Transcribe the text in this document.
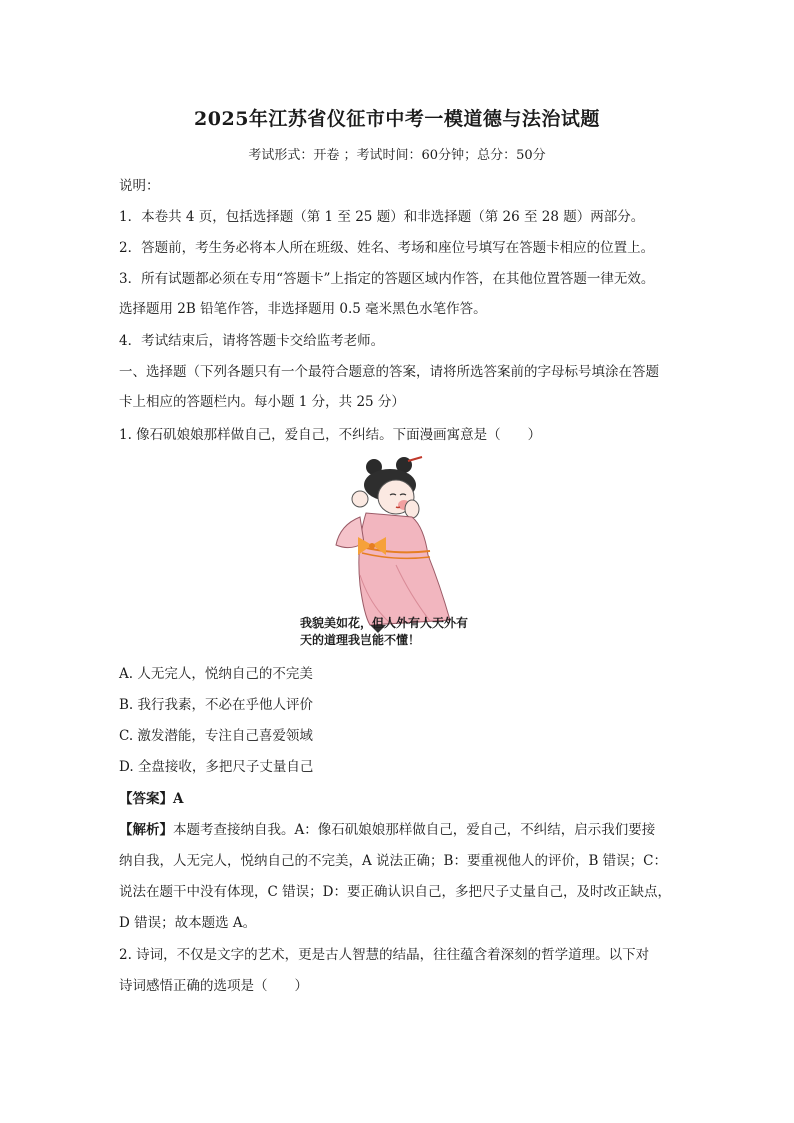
2025年江苏省仪征市中考一模道德与法治试题
考试形式：开卷 ；考试时间：60分钟；总分：50分
说明：
1．本卷共 4 页，包括选择题（第 1 至 25 题）和非选择题（第 26 至 28 题）两部分。
2．答题前，考生务必将本人所在班级、姓名、考场和座位号填写在答题卡相应的位置上。
3．所有试题都必须在专用“答题卡”上指定的答题区域内作答，在其他位置答题一律无效。
选择题用 2B 铅笔作答，非选择题用 0.5 毫米黑色水笔作答。
4．考试结束后，请将答题卡交给监考老师。
一、选择题（下列各题只有一个最符合题意的答案，请将所选答案前的字母标号填涂在答题
卡上相应的答题栏内。每小题 1 分，共 25 分）
1. 像石矶娘娘那样做自己，爱自己，不纠结。下面漫画寓意是（　　）
我貌美如花，但人外有人天外有
天的道理我岂能不懂！
A. 人无完人，悦纳自己的不完美
B. 我行我素，不必在乎他人评价
C. 激发潜能，专注自己喜爱领域
D. 全盘接收，多把尺子丈量自己
【答案】A
【解析】本题考查接纳自我。A：像石矶娘娘那样做自己，爱自己，不纠结，启示我们要接
纳自我，人无完人，悦纳自己的不完美，A 说法正确；B：要重视他人的评价，B 错误；C：
说法在题干中没有体现，C 错误；D：要正确认识自己，多把尺子丈量自己，及时改正缺点，
D 错误；故本题选 A。
2. 诗词，不仅是文字的艺术，更是古人智慧的结晶，往往蕴含着深刻的哲学道理。以下对
诗词感悟正确的选项是（　　）
